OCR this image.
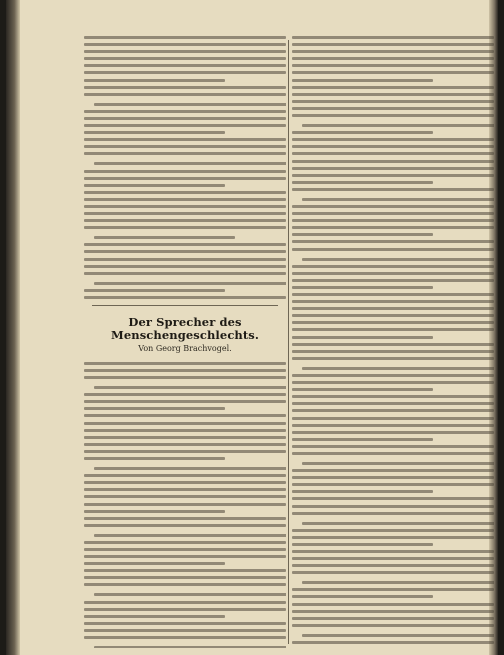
Der Sprecher des Menschengeschlechts.
Von Georg Brachvogel.
